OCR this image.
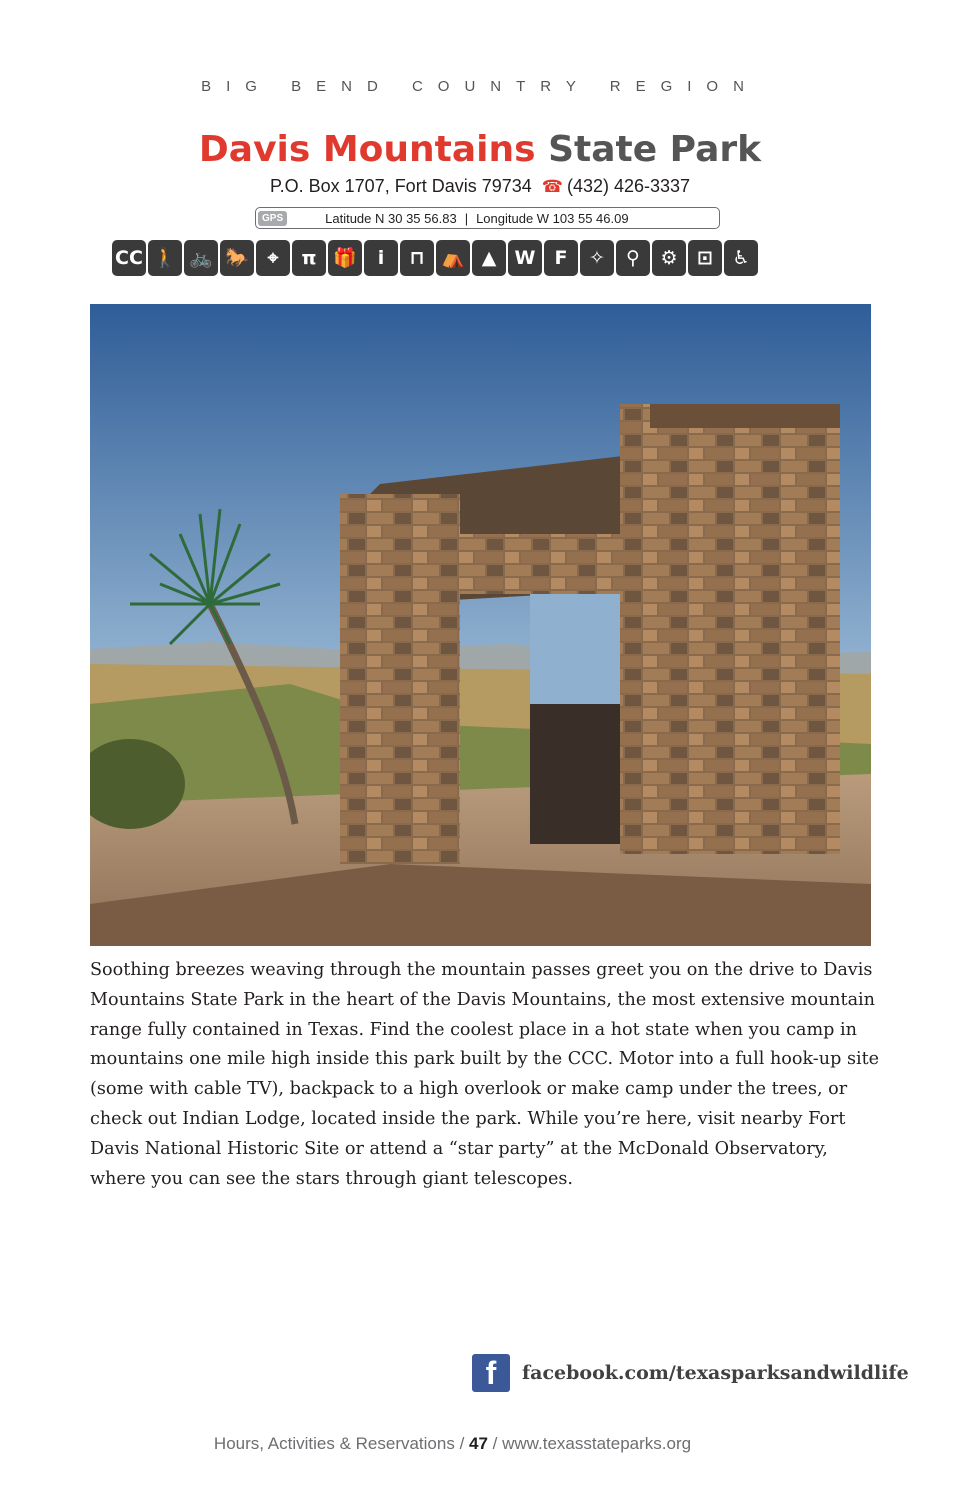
BIG BEND COUNTRY REGION
Davis Mountains State Park
P.O. Box 1707, Fort Davis 79734 ☎ (432) 426-3337
GPS	Latitude N 30 35 56.83 | Longitude W 103 55 46.09
CC 🚶 🚲 🐎 ⌖	π 🎁	i	⊓ ⛺ ▲ W	F	✧	⚲	⚙	⊡	♿
Soothing breezes weaving through the mountain passes greet you on the drive to Davis Mountains State Park in the heart of the Davis Mountains, the most extensive mountain range fully contained in Texas. Find the coolest place in a hot state when you camp in mountains one mile high inside this park built by the CCC. Motor into a full hook-up site (some with cable TV), backpack to a high overlook or make camp under the trees, or check out Indian Lodge, located inside the park. While you’re here, visit nearby Fort Davis National Historic Site or attend a “star party” at the McDonald Observatory, where you can see the stars through giant telescopes.
f	facebook.com/texasparksandwildlife
Hours, Activities & Reservations / 47 / www.texasstateparks.org
